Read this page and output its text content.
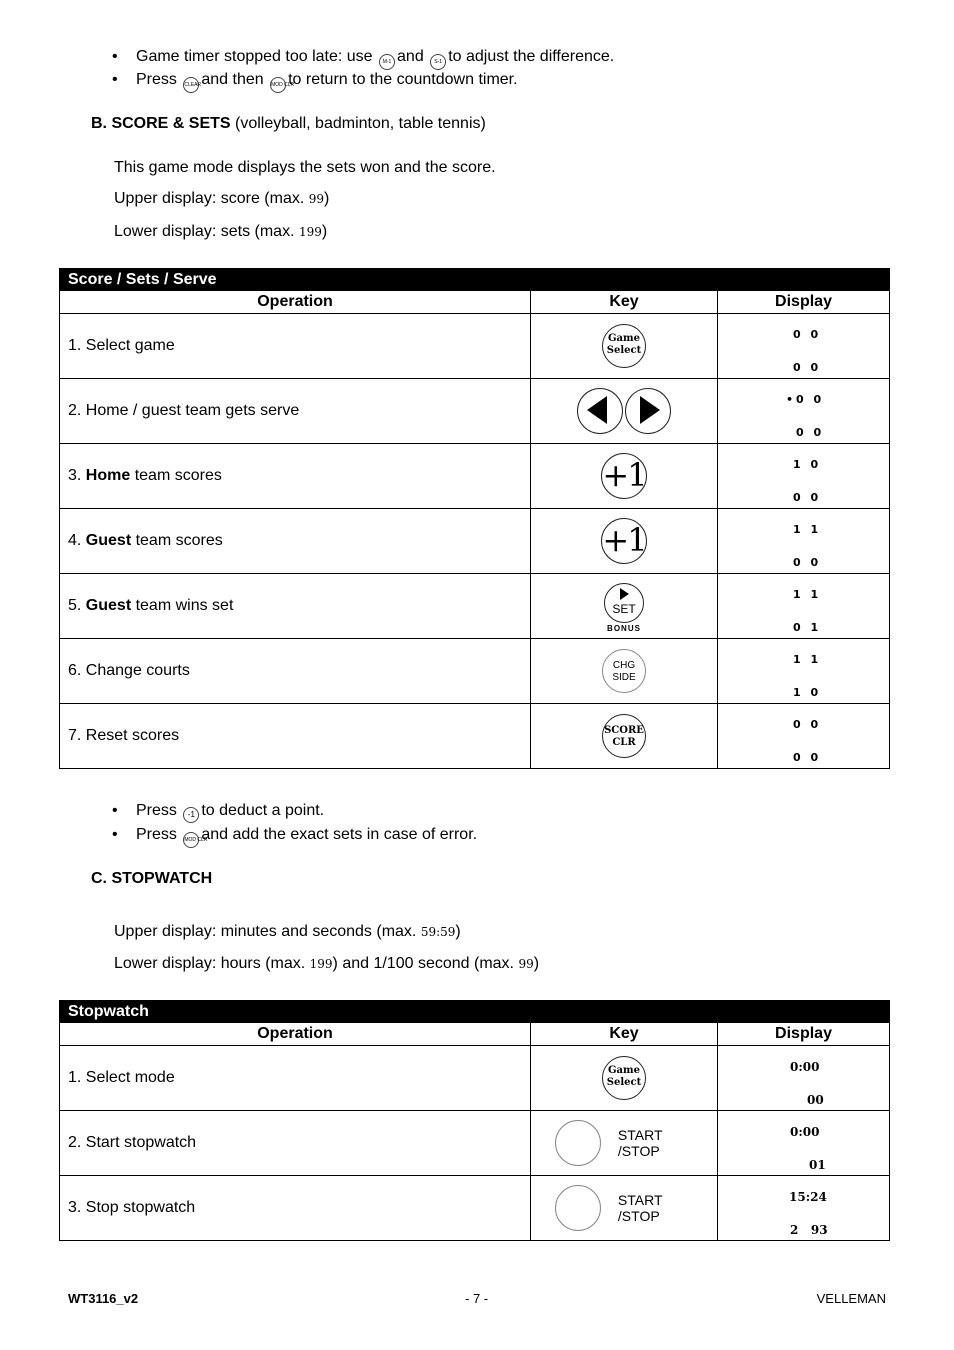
• Game timer stopped too late: use M-1 and S-1 to adjust the difference.
• Press CLEARand then MOD CLRto return to the countdown timer.
B. SCORE & SETS (volleyball, badminton, table tennis)
This game mode displays the sets won and the score.
Upper display: score (max. 99)
Lower display: sets (max. 199)
Score / Sets / Serve		
Operation	Key	Display
1. Select game	Game
Select	0 0
0 0

2. Home / guest team gets serve		•0 0
0 0

3. Home team scores	+1	1 0
0 0

4. Guest team scores	+1	1 1
0 0

5. Guest team wins set	SET
BONUS	1 1
0 1

6. Change courts	CHG
SIDE	1 1
1 0

7. Reset scores	SCORE
CLR	0 0
0 0
• Press -1 to deduct a point.
• Press MOD CLRand add the exact sets in case of error.
C. STOPWATCH
Upper display: minutes and seconds (max. 59:59)
Lower display: hours (max. 199) and 1/100 second (max. 99)
Stopwatch		
Operation	Key	Display
1. Select mode	Game
Select	0:00
00

2. Start stopwatch	START
/STOP	0:00
01

3. Stop stopwatch	START
/STOP	15:24
2   93
WT3116_v2	- 7 -	VELLEMAN
